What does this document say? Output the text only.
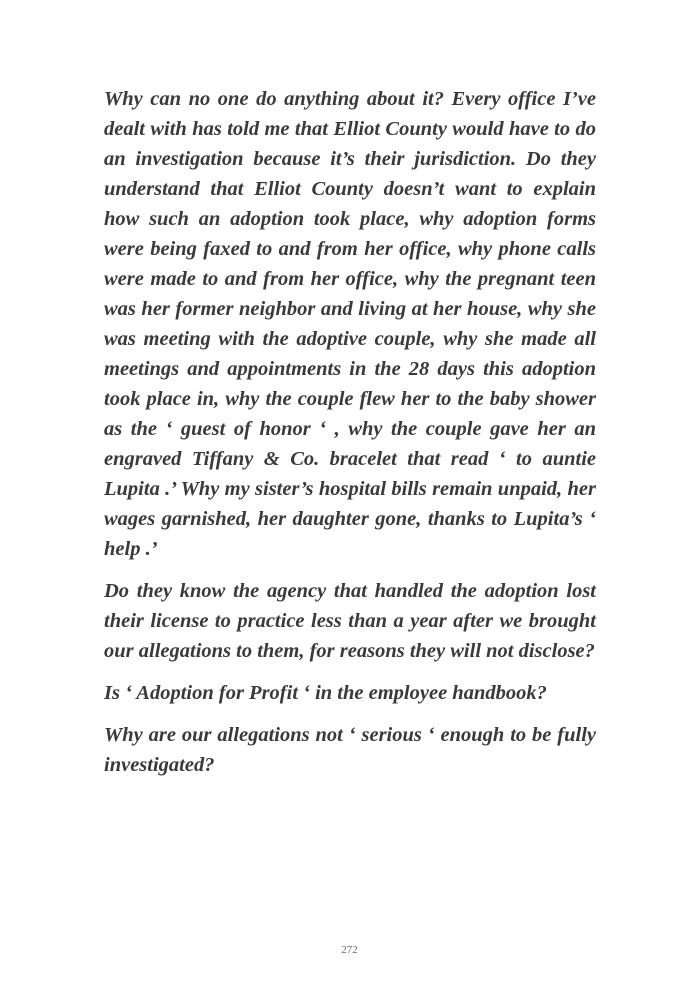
Why can no one do anything about it? Every office I’ve dealt with has told me that Elliot County would have to do an investigation because it’s their jurisdiction. Do they understand that Elliot County doesn’t want to explain how such an adoption took place, why adoption forms were being faxed to and from her office, why phone calls were made to and from her office, why the pregnant teen was her former neighbor and living at her house, why she was meeting with the adoptive couple, why she made all meetings and appointments in the 28 days this adoption took place in, why the couple flew her to the baby shower as the ‘ guest of honor ‘ , why the couple gave her an engraved Tiffany & Co. bracelet that read ‘ to auntie Lupita .’ Why my sister’s hospital bills remain unpaid, her wages garnished, her daughter gone, thanks to Lupita’s ‘ help .’

Do they know the agency that handled the adoption lost their license to practice less than a year after we brought our allegations to them, for reasons they will not disclose?

Is ‘ Adoption for Profit ‘ in the employee handbook?

Why are our allegations not ‘ serious ‘ enough to be fully investigated?

272
